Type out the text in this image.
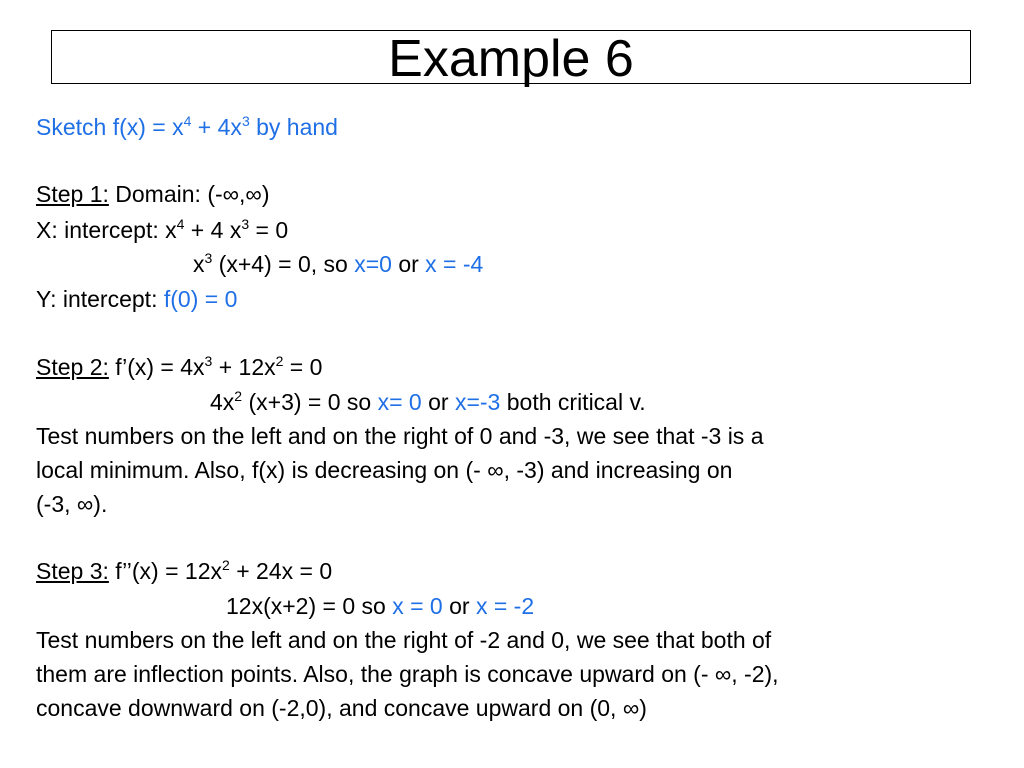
Example 6
Sketch $f(x) = x^4 + 4x^3$ by hand
Step 1: Domain: (-∞,∞)
X: intercept: $x^4 + 4$ $x^3 = 0$
$x^3$ (x+4) = 0, so x=0 or x = -4
Y: intercept: f(0) = 0
Step 2: f’(x) = $4x^3 + 12x^2 = 0$
$4x^2$ (x+3) = 0 so x= 0 or x=-3 both critical v.
Test numbers on the left and on the right of 0 and -3, we see that -3 is a
local minimum. Also, f(x) is decreasing on (- ∞, -3) and increasing on
(-3, ∞).
Step 3: f’’(x) = $12x^2 + 24x = 0$
12x(x+2) = 0 so x = 0 or x = -2
Test numbers on the left and on the right of -2 and 0, we see that both of
them are inflection points. Also, the graph is concave upward on (- ∞, -2),
concave downward on (-2,0), and concave upward on (0, ∞)
